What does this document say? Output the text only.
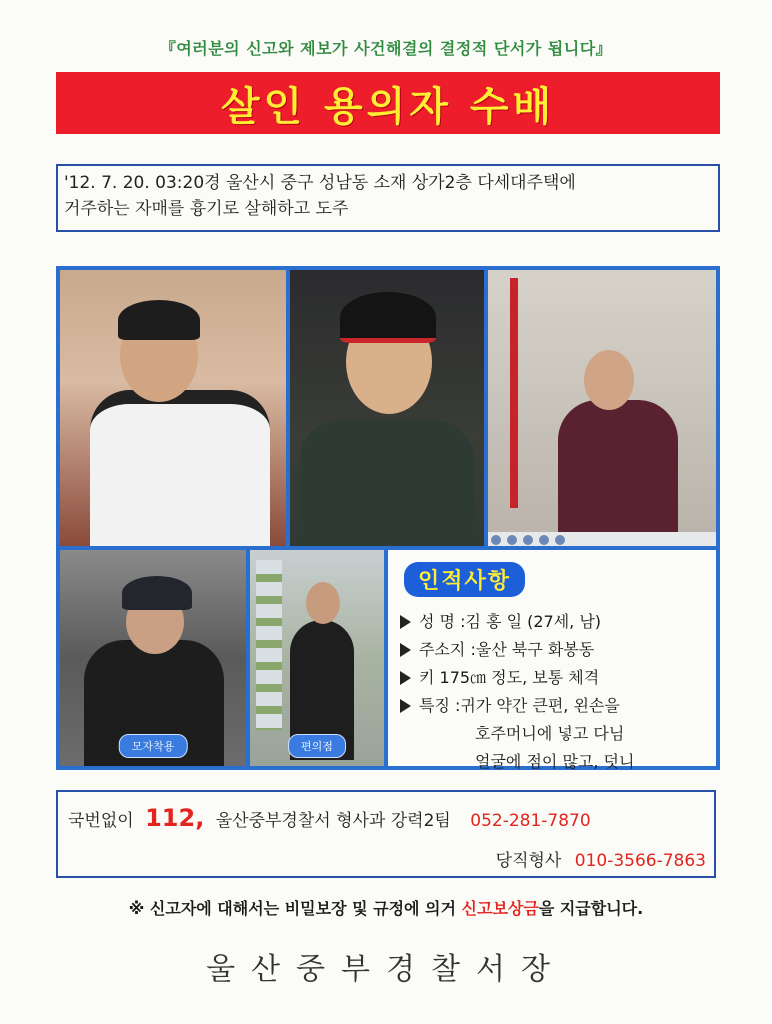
『여러분의 신고와 제보가 사건해결의 결정적 단서가 됩니다』
살인 용의자 수배
'12. 7. 20. 03:20경 울산시 중구 성남동 소재 상가2층 다세대주택에
거주하는 자매를 흉기로 살해하고 도주
모자착용	편의점
인적사항
성 명 : 김 홍 일 (27세, 남)
주소지 : 울산 북구 화봉동
키 175㎝ 정도, 보통 체격
특징 : 귀가 약간 큰편, 왼손을
호주머니에 넣고 다님
얼굴에 점이 많고, 덧니
국번없이 112, 울산중부경찰서 형사과 강력2팀 052-281-7870
당직형사 010-3566-7863
※ 신고자에 대해서는 비밀보장 및 규정에 의거 신고보상금을 지급합니다.
울산중부경찰서장
